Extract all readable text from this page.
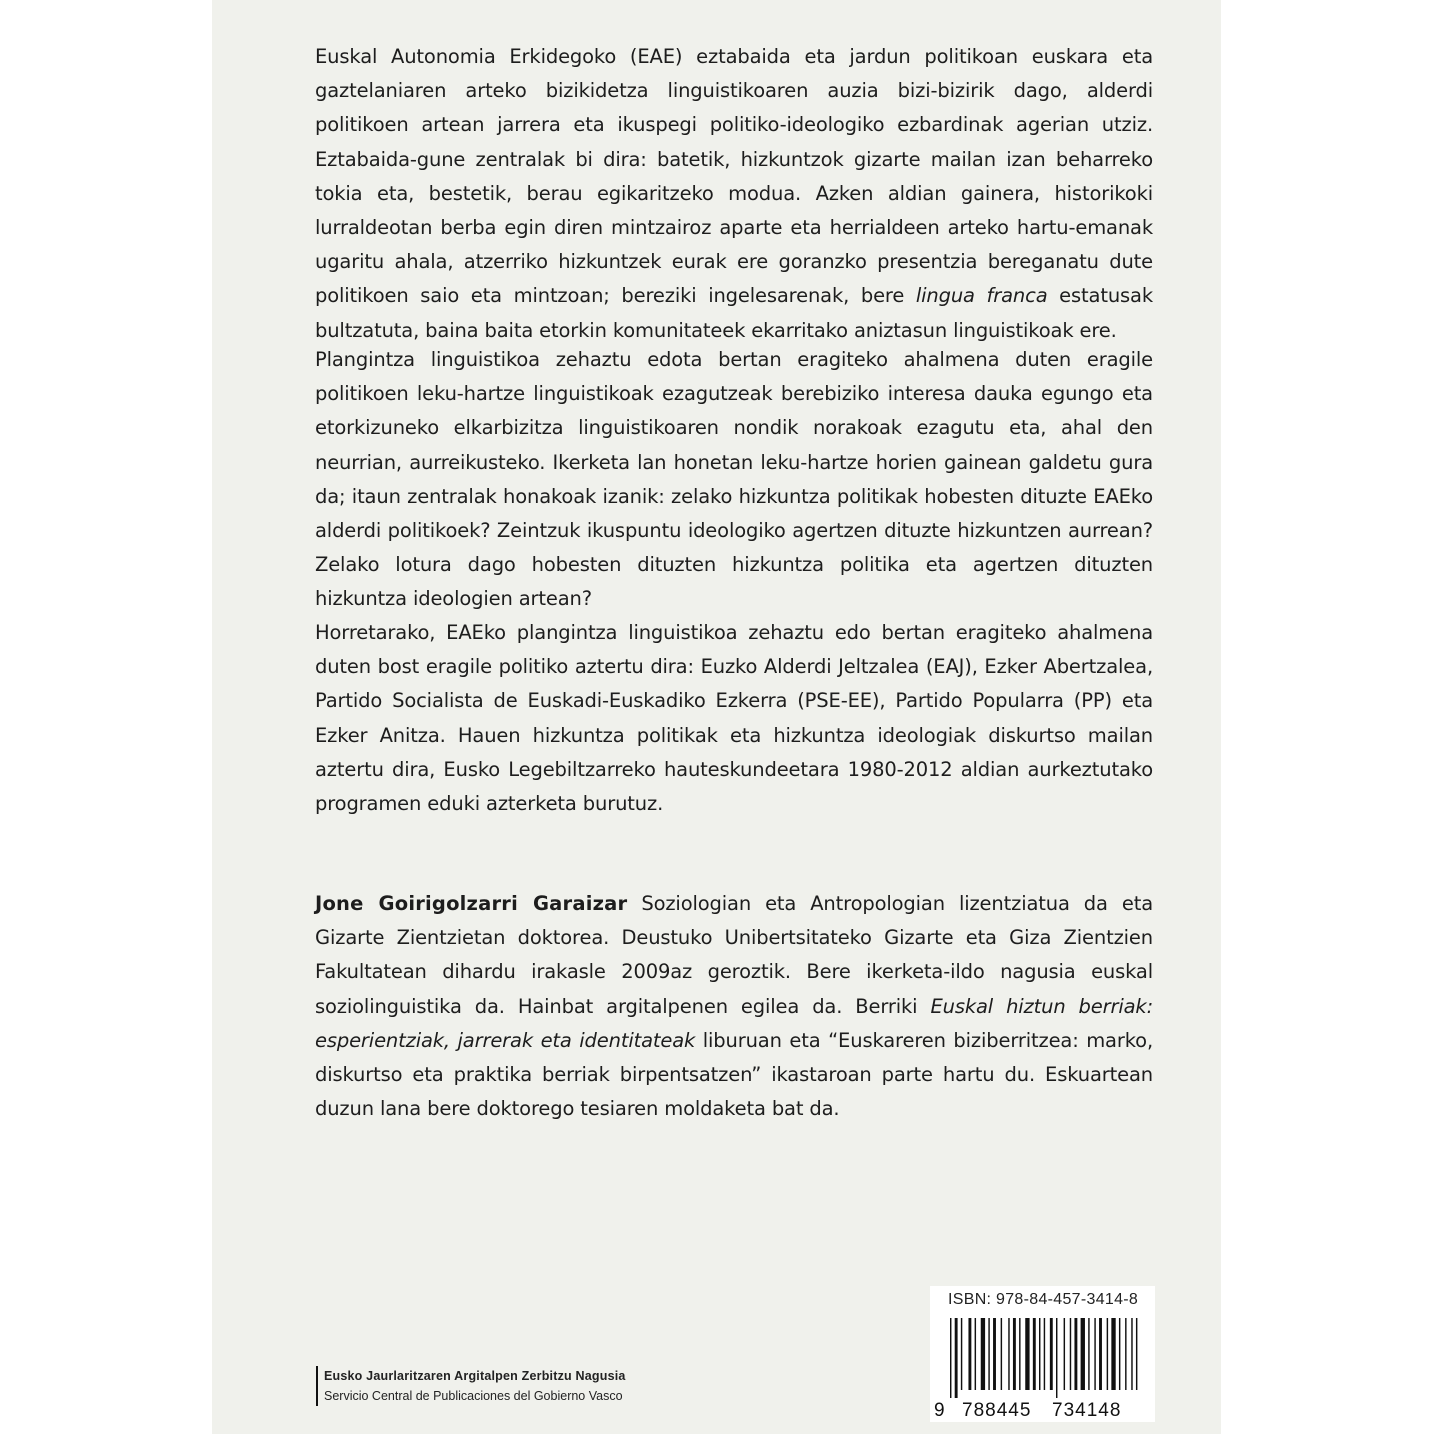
Euskal Autonomia Erkidegoko (EAE) eztabaida eta jardun politikoan euskara eta gaztelaniaren arteko bizikidetza linguistikoaren auzia bizi-bizirik dago, alderdi politikoen artean jarrera eta ikuspegi politiko-ideologiko ezbardinak agerian utziz. Eztabaida-gune zentralak bi dira: batetik, hizkuntzok gizarte mailan izan beharreko tokia eta, bestetik, berau egikaritzeko modua. Azken aldian gainera, historikoki lurraldeotan berba egin diren mintzairoz aparte eta herrialdeen arteko hartu-emanak ugaritu ahala, atzerriko hizkuntzek eurak ere goranzko presentzia bereganatu dute politikoen saio eta mintzoan; bereziki ingelesarenak, bere lingua franca estatusak bultzatuta, baina baita etorkin komunitateek ekarritako aniztasun linguistikoak ere.

Plangintza linguistikoa zehaztu edota bertan eragiteko ahalmena duten eragile politikoen leku-hartze linguistikoak ezagutzeak berebiziko interesa dauka egungo eta etorkizuneko elkarbizitza linguistikoaren nondik norakoak ezagutu eta, ahal den neurrian, aurreikusteko. Ikerketa lan honetan leku-hartze horien gainean galdetu gura da; itaun zentralak honakoak izanik: zelako hizkuntza politikak hobesten dituzte EAEko alderdi politikoek? Zeintzuk ikuspuntu ideologiko agertzen dituzte hizkuntzen aurrean? Zelako lotura dago hobesten dituzten hizkuntza politika eta agertzen dituzten hizkuntza ideologien artean?

Horretarako, EAEko plangintza linguistikoa zehaztu edo bertan eragiteko ahalmena duten bost eragile politiko aztertu dira: Euzko Alderdi Jeltzalea (EAJ), Ezker Abertzalea, Partido Socialista de Euskadi-Euskadiko Ezkerra (PSE-EE), Partido Popularra (PP) eta Ezker Anitza. Hauen hizkuntza politikak eta hizkuntza ideologiak diskurtso mailan aztertu dira, Eusko Legebiltzarreko hauteskundeetara 1980-2012 aldian aurkeztutako programen eduki azterketa burutuz.

Jone Goirigolzarri Garaizar Soziologian eta Antropologian lizentziatua da eta Gizarte Zientzietan doktorea. Deustuko Unibertsitateko Gizarte eta Giza Zientzien Fakultatean dihardu irakasle 2009az geroztik. Bere ikerketa-ildo nagusia euskal soziolinguistika da. Hainbat argitalpenen egilea da. Berriki Euskal hiztun berriak: esperientziak, jarrerak eta identitateak liburuan eta “Euskareren biziberritzea: marko, diskurtso eta praktika berriak birpentsatzen” ikastaroan parte hartu du. Eskuartean duzun lana bere doktorego tesiaren moldaketa bat da.

ISBN: 978-84-457-3414-8
9 788445 734148
Eusko Jaurlaritzaren Argitalpen Zerbitzu Nagusia
Servicio Central de Publicaciones del Gobierno Vasco
